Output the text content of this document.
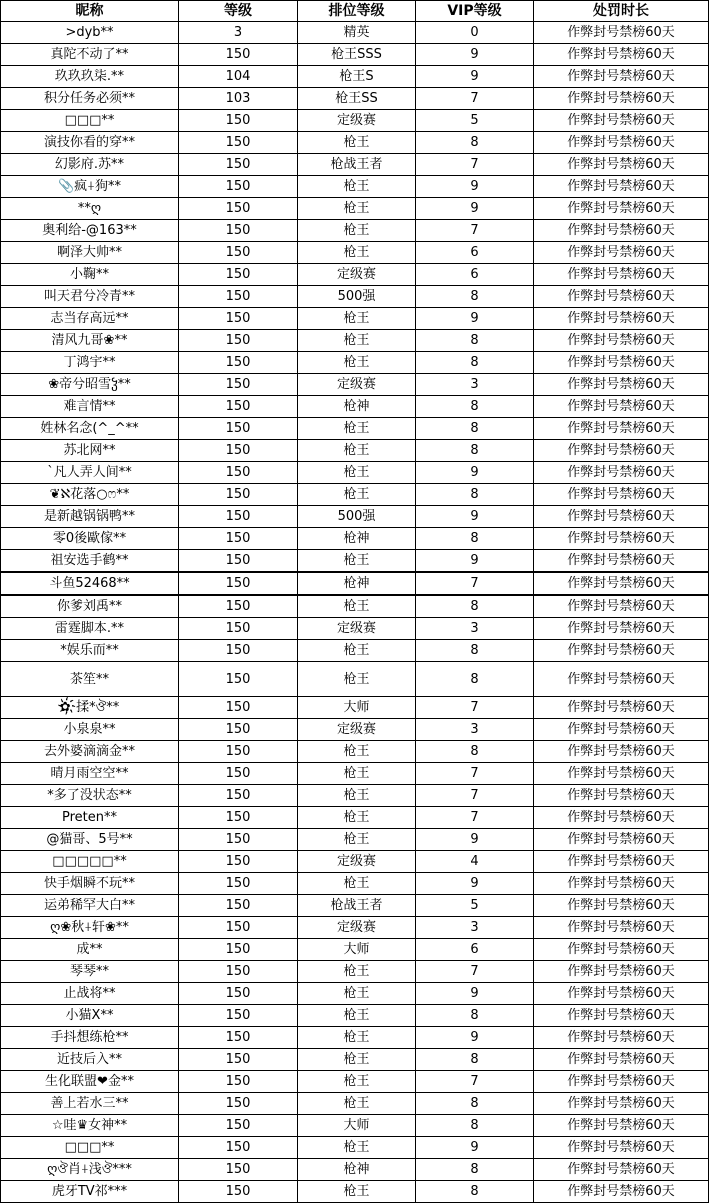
昵称	等级	排位等级	VIP等级	处罚时长
>dyb**	3	精英	0	作弊封号禁榜60天
真陀不动了**	150	枪王SSS	9	作弊封号禁榜60天
玖玖玖柒.**	104	枪王S	9	作弊封号禁榜60天
积分任务必须**	103	枪王SS	7	作弊封号禁榜60天
□□□**	150	定级赛	5	作弊封号禁榜60天
演技你看的穿**	150	枪王	8	作弊封号禁榜60天
幻影府.苏**	150	枪战王者	7	作弊封号禁榜60天
📎疯⍭狗**	150	枪王	9	作弊封号禁榜60天
**ღ	150	枪王	9	作弊封号禁榜60天
奥利给-@163**	150	枪王	7	作弊封号禁榜60天
啊泽大帅**	150	枪王	6	作弊封号禁榜60天
小鞠**	150	定级赛	6	作弊封号禁榜60天
叫天君兮冷青**	150	500强	8	作弊封号禁榜60天
志当存高远**	150	枪王	9	作弊封号禁榜60天
清风九哥❀**	150	枪王	8	作弊封号禁榜60天
丁鸿宇**	150	枪王	8	作弊封号禁榜60天
❀帝兮昭雪ჴ**	150	定级赛	3	作弊封号禁榜60天
难言情**	150	枪神	8	作弊封号禁榜60天
姓林名念(^_^**	150	枪王	8	作弊封号禁榜60天
苏北网**	150	枪王	8	作弊封号禁榜60天
`凡人弄人间**	150	枪王	9	作弊封号禁榜60天
❦ℵ花落○ෆ**	150	枪王	8	作弊封号禁榜60天
是新越锅锅鸭**	150	500强	9	作弊封号禁榜60天
零0後歐傢**	150	枪神	8	作弊封号禁榜60天
祖安选手鹤**	150	枪王	9	作弊封号禁榜60天
斗鱼52468**	150	枪神	7	作弊封号禁榜60天
你爹刘禹**	150	枪王	8	作弊封号禁榜60天
雷霆脚本.**	150	定级赛	3	作弊封号禁榜60天
*娱乐而**	150	枪王	8	作弊封号禁榜60天
茶笙**	150	枪王	8	作弊封号禁榜60天
✿҉揉*ঔ**	150	大师	7	作弊封号禁榜60天
小泉泉**	150	定级赛	3	作弊封号禁榜60天
去外婆滴滴金**	150	枪王	8	作弊封号禁榜60天
晴月雨空空**	150	枪王	7	作弊封号禁榜60天
*多了没状态**	150	枪王	7	作弊封号禁榜60天
Preten**	150	枪王	7	作弊封号禁榜60天
@猫哥、5号**	150	枪王	9	作弊封号禁榜60天
□□□□□**	150	定级赛	4	作弊封号禁榜60天
快手烟瞬不玩**	150	枪王	9	作弊封号禁榜60天
运弟稀罕大白**	150	枪战王者	5	作弊封号禁榜60天
ღ❀秋⍭轩❀**	150	定级赛	3	作弊封号禁榜60天
成**	150	大师	6	作弊封号禁榜60天
琴琴**	150	枪王	7	作弊封号禁榜60天
止战将**	150	枪王	9	作弊封号禁榜60天
小猫X**	150	枪王	8	作弊封号禁榜60天
手抖想练枪**	150	枪王	9	作弊封号禁榜60天
近技后入**	150	枪王	8	作弊封号禁榜60天
生化联盟❤金**	150	枪王	7	作弊封号禁榜60天
善上若水三**	150	枪王	8	作弊封号禁榜60天
☆哇♛女神**	150	大师	8	作弊封号禁榜60天
□□□**	150	枪王	9	作弊封号禁榜60天
ღঔ肖⍭浅ঔ***	150	枪神	8	作弊封号禁榜60天
虎牙TV祁***	150	枪王	8	作弊封号禁榜60天
